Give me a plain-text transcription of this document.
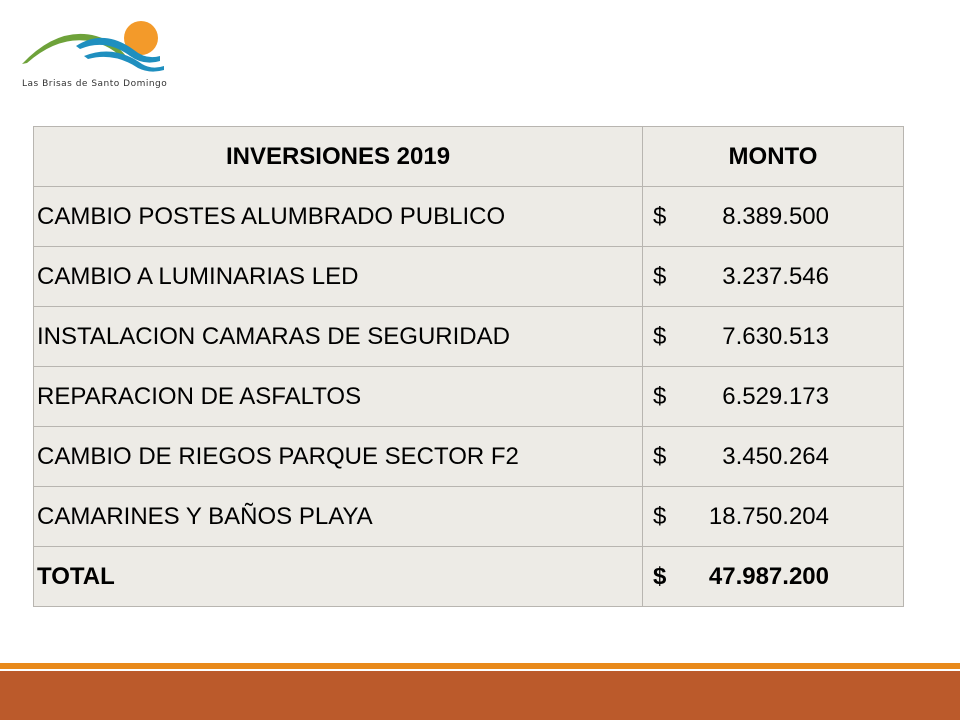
Las Brisas de Santo Domingo
INVERSIONES 2019	MONTO
CAMBIO POSTES ALUMBRADO PUBLICO	$ 8.389.500

CAMBIO A LUMINARIAS LED	$ 3.237.546

INSTALACION CAMARAS DE SEGURIDAD	$ 7.630.513

REPARACION DE ASFALTOS	$ 6.529.173

CAMBIO DE RIEGOS PARQUE SECTOR F2	$ 3.450.264

CAMARINES Y BAÑOS PLAYA	$ 18.750.204

TOTAL	$ 47.987.200
